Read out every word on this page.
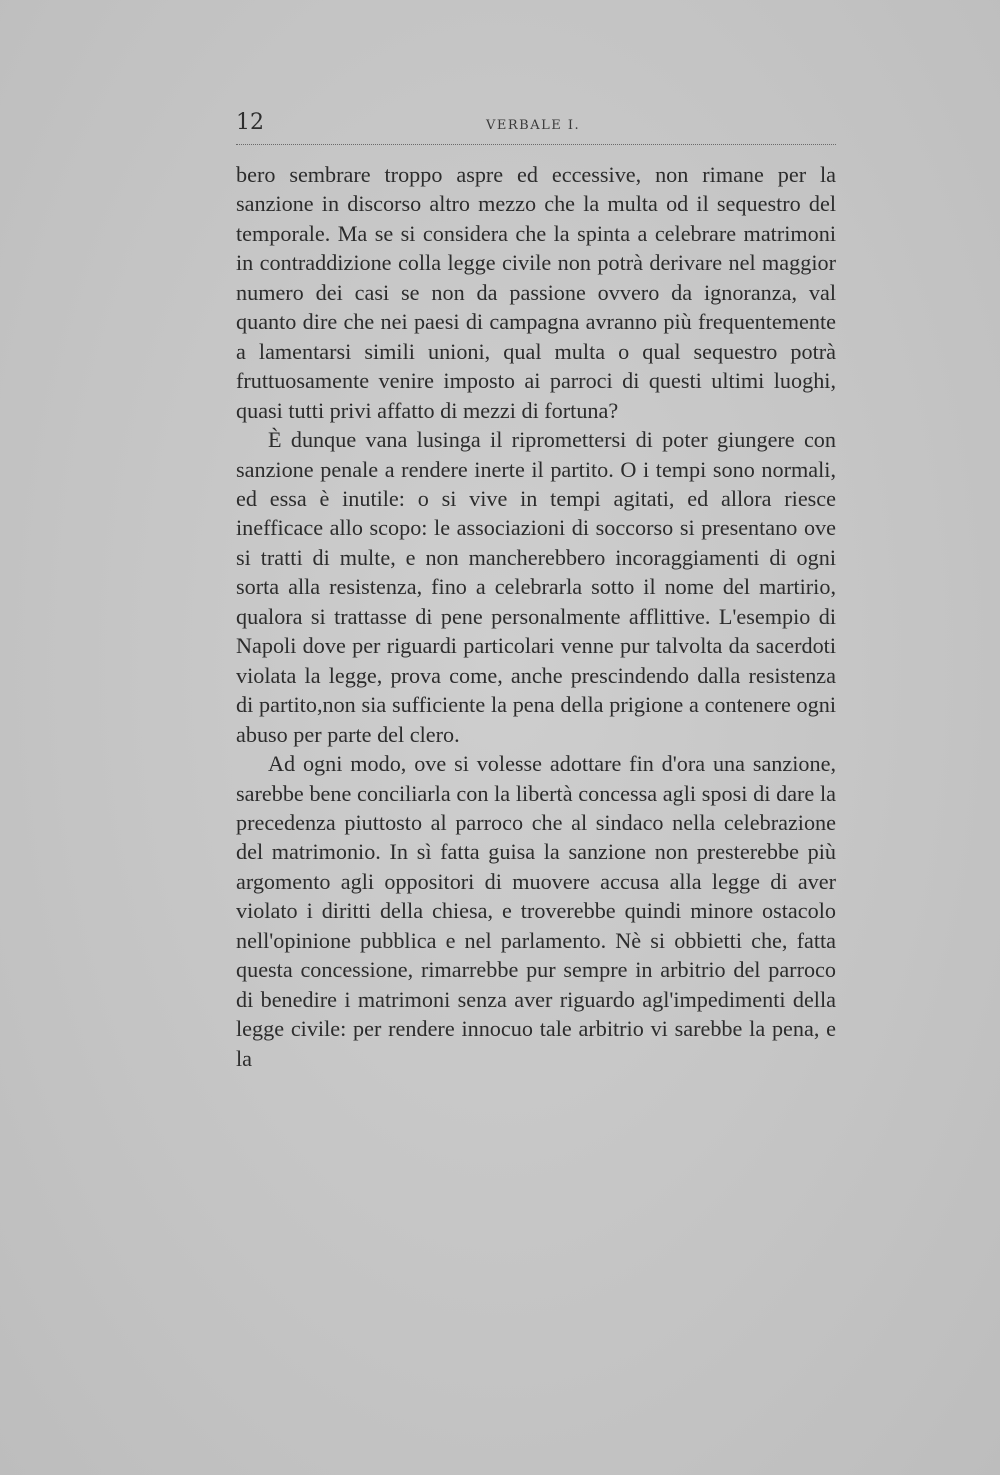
12	VERBALE I.

bero sembrare troppo aspre ed eccessive, non rimane per la sanzione in discorso altro mezzo che la multa od il sequestro del temporale. Ma se si considera che la spinta a celebrare matrimoni in contraddizione colla legge civile non potrà derivare nel maggior numero dei casi se non da passione ovvero da ignoranza, val quanto dire che nei paesi di campagna avranno più frequentemente a lamentarsi simili unioni, qual multa o qual sequestro potrà fruttuosamente venire imposto ai parroci di questi ultimi luoghi, quasi tutti privi affatto di mezzi di fortuna?

È dunque vana lusinga il ripromettersi di poter giungere con sanzione penale a rendere inerte il partito. O i tempi sono normali, ed essa è inutile: o si vive in tempi agitati, ed allora riesce inefficace allo scopo: le associazioni di soccorso si presentano ove si tratti di multe, e non mancherebbero incoraggiamenti di ogni sorta alla resistenza, fino a celebrarla sotto il nome del martirio, qualora si trattasse di pene personalmente afflittive. L'esempio di Napoli dove per riguardi particolari venne pur talvolta da sacerdoti violata la legge, prova come, anche prescindendo dalla resistenza di partito,non sia sufficiente la pena della prigione a contenere ogni abuso per parte del clero.

Ad ogni modo, ove si volesse adottare fin d'ora una sanzione, sarebbe bene conciliarla con la libertà concessa agli sposi di dare la precedenza piuttosto al parroco che al sindaco nella celebrazione del matrimonio. In sì fatta guisa la sanzione non presterebbe più argomento agli oppositori di muovere accusa alla legge di aver violato i diritti della chiesa, e troverebbe quindi minore ostacolo nell'opinione pubblica e nel parlamento. Nè si obbietti che, fatta questa concessione, rimarrebbe pur sempre in arbitrio del parroco di benedire i matrimoni senza aver riguardo agl'impedimenti della legge civile: per rendere innocuo tale arbitrio vi sarebbe la pena, e la
